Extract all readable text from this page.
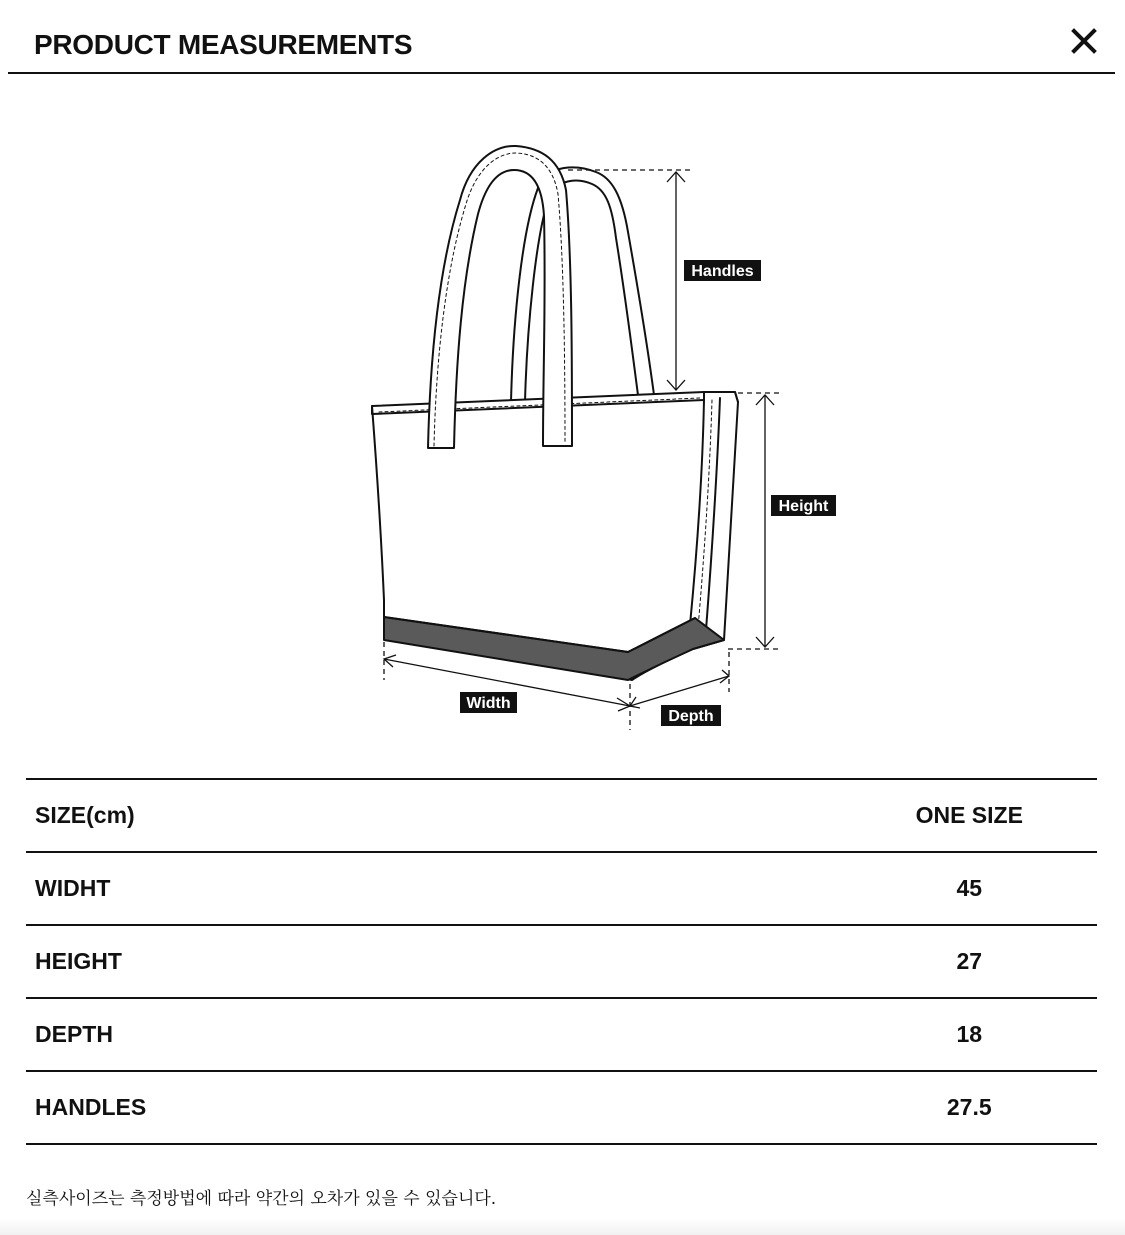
PRODUCT MEASUREMENTS
Handles
Height
Width
Depth
SIZE(cm)	ONE SIZE
WIDHT	45
HEIGHT	27
DEPTH	18
HANDLES	27.5
실측사이즈는 측정방법에 따라 약간의 오차가 있을 수 있습니다.
